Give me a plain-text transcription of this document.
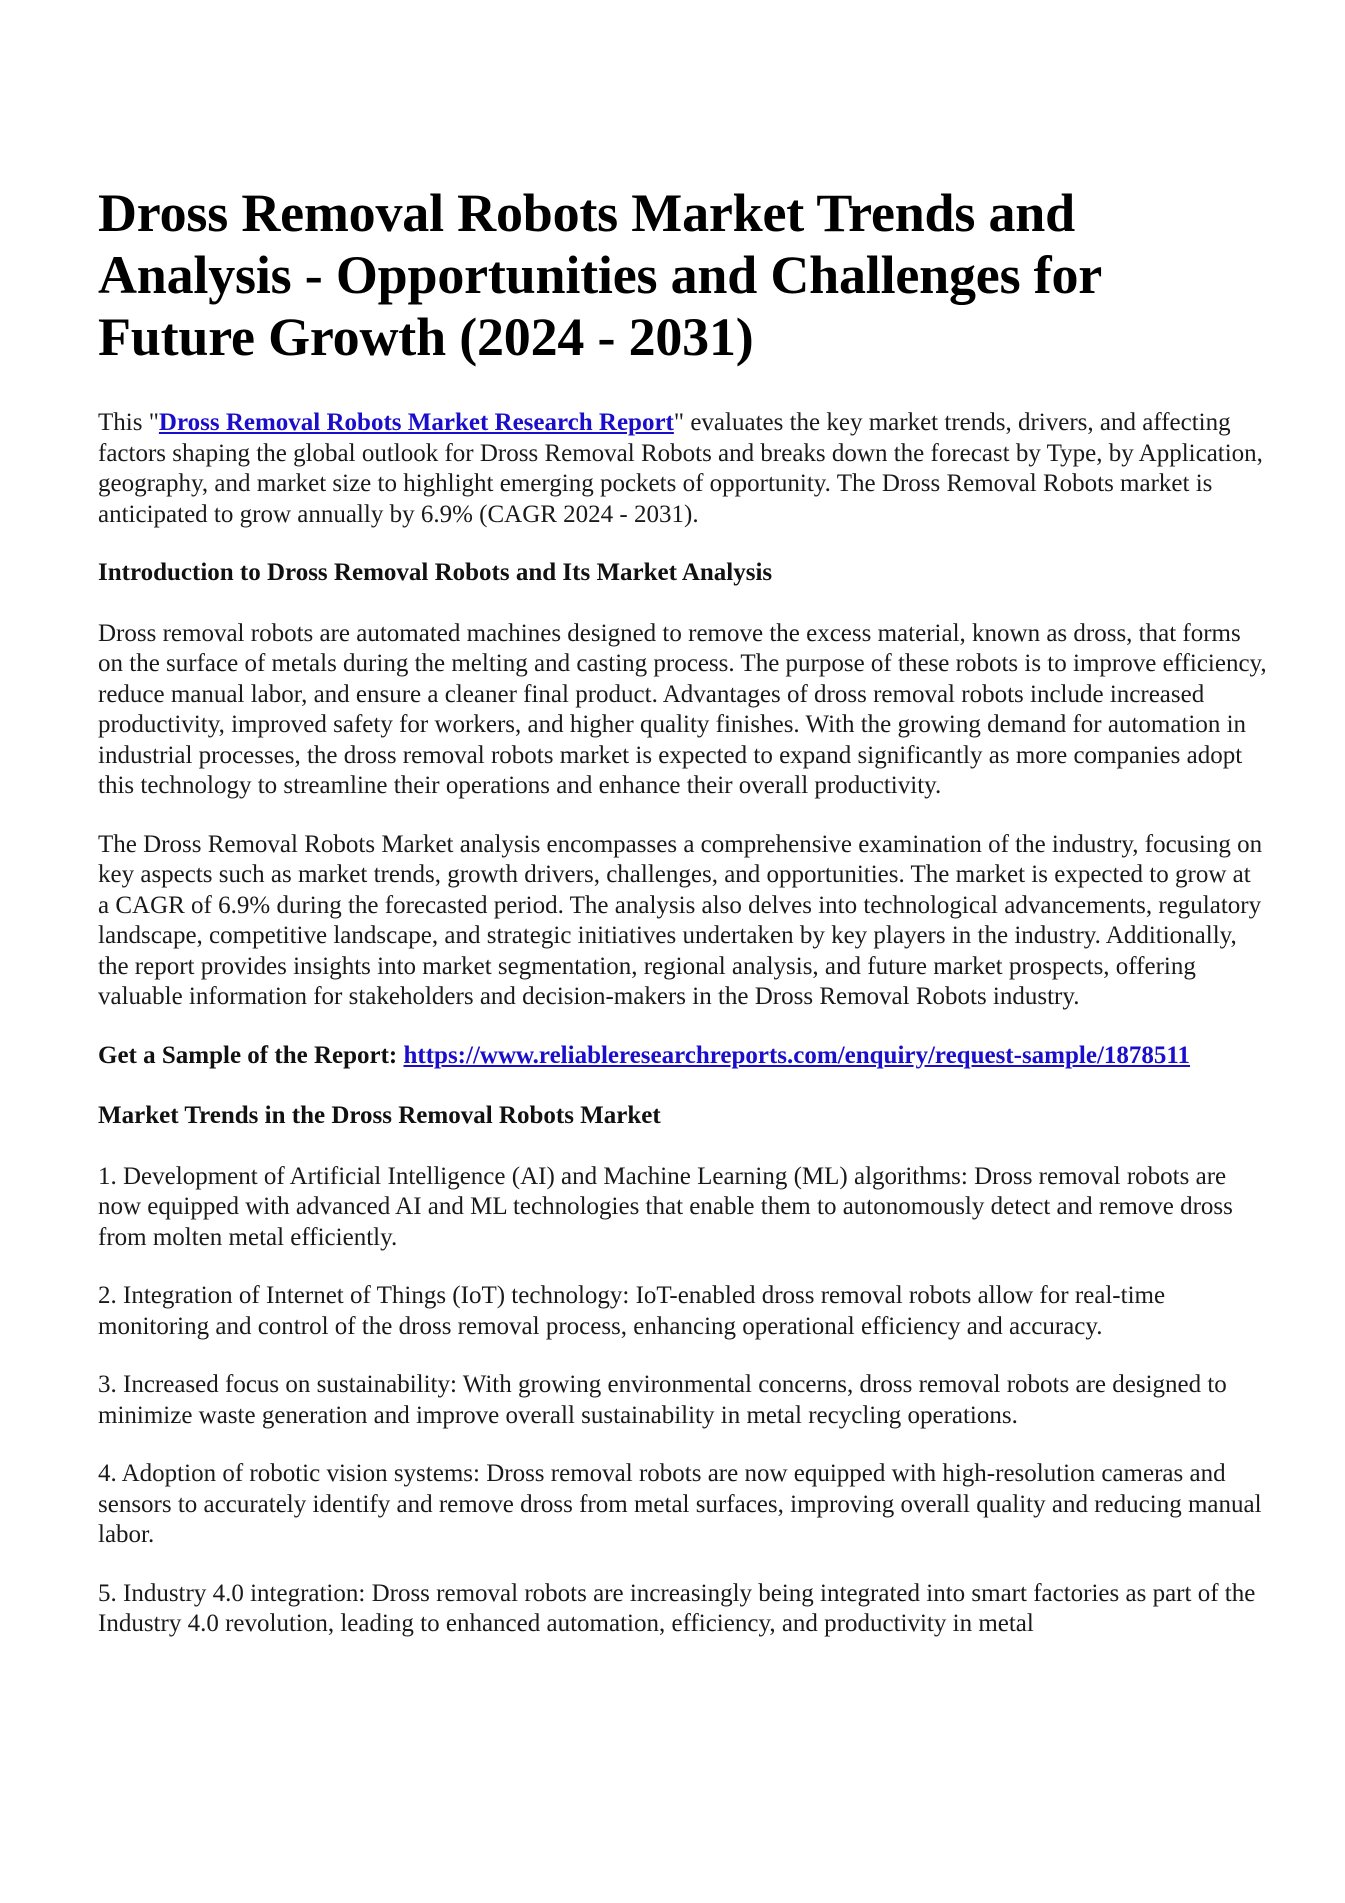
Dross Removal Robots Market Trends and Analysis - Opportunities and Challenges for Future Growth (2024 - 2031)

This "Dross Removal Robots Market Research Report" evaluates the key market trends, drivers, and affecting factors shaping the global outlook for Dross Removal Robots and breaks down the forecast by Type, by Application, geography, and market size to highlight emerging pockets of opportunity. The Dross Removal Robots market is anticipated to grow annually by 6.9% (CAGR 2024 - 2031).

Introduction to Dross Removal Robots and Its Market Analysis

Dross removal robots are automated machines designed to remove the excess material, known as dross, that forms on the surface of metals during the melting and casting process. The purpose of these robots is to improve efficiency, reduce manual labor, and ensure a cleaner final product. Advantages of dross removal robots include increased productivity, improved safety for workers, and higher quality finishes. With the growing demand for automation in industrial processes, the dross removal robots market is expected to expand significantly as more companies adopt this technology to streamline their operations and enhance their overall productivity.

The Dross Removal Robots Market analysis encompasses a comprehensive examination of the industry, focusing on key aspects such as market trends, growth drivers, challenges, and opportunities. The market is expected to grow at a CAGR of 6.9% during the forecasted period. The analysis also delves into technological advancements, regulatory landscape, competitive landscape, and strategic initiatives undertaken by key players in the industry. Additionally, the report provides insights into market segmentation, regional analysis, and future market prospects, offering valuable information for stakeholders and decision-makers in the Dross Removal Robots industry.

Get a Sample of the Report: https://www.reliableresearchreports.com/enquiry/request-sample/1878511

Market Trends in the Dross Removal Robots Market

1. Development of Artificial Intelligence (AI) and Machine Learning (ML) algorithms: Dross removal robots are now equipped with advanced AI and ML technologies that enable them to autonomously detect and remove dross from molten metal efficiently.

2. Integration of Internet of Things (IoT) technology: IoT-enabled dross removal robots allow for real-time monitoring and control of the dross removal process, enhancing operational efficiency and accuracy.

3. Increased focus on sustainability: With growing environmental concerns, dross removal robots are designed to minimize waste generation and improve overall sustainability in metal recycling operations.

4. Adoption of robotic vision systems: Dross removal robots are now equipped with high-resolution cameras and sensors to accurately identify and remove dross from metal surfaces, improving overall quality and reducing manual labor.

5. Industry 4.0 integration: Dross removal robots are increasingly being integrated into smart factories as part of the Industry 4.0 revolution, leading to enhanced automation, efficiency, and productivity in metal
